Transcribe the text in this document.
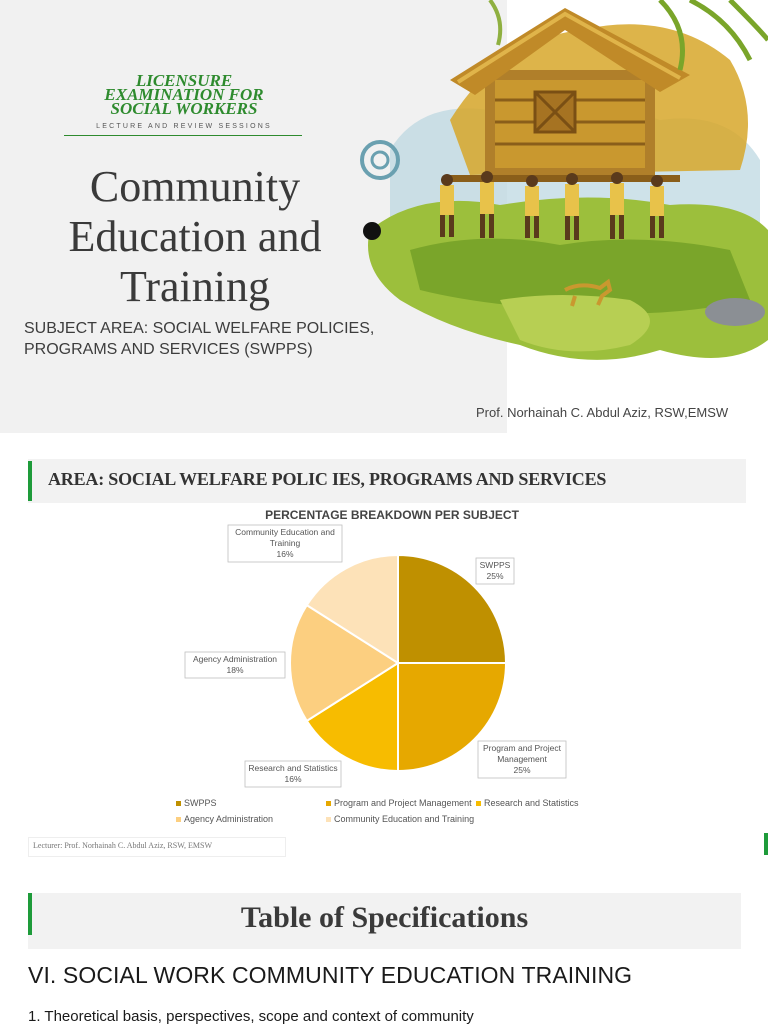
LICENSURE
EXAMINATION FOR
SOCIAL WORKERS
LECTURE AND REVIEW SESSIONS
Community
Education and
Training
SUBJECT AREA: SOCIAL WELFARE POLICIES,
PROGRAMS AND SERVICES (SWPPS)
Prof. Norhainah C. Abdul Aziz, RSW,EMSW
AREA: SOCIAL WELFARE POLIC IES, PROGRAMS AND SERVICES
PERCENTAGE BREAKDOWN PER SUBJECT
SWPPS
25%
Program and Project
Management
25%
Research and Statistics
16%
Agency Administration
18%
Community Education and
Training
16%
SWPPS	Program and Project Management Research and Statistics
Agency Administration	Community Education and Training
Lecturer: Prof. Norhainah C. Abdul Aziz, RSW, EMSW
Table of Specifications
VI. SOCIAL WORK COMMUNITY EDUCATION TRAINING
1. Theoretical basis, perspectives, scope and context of community
